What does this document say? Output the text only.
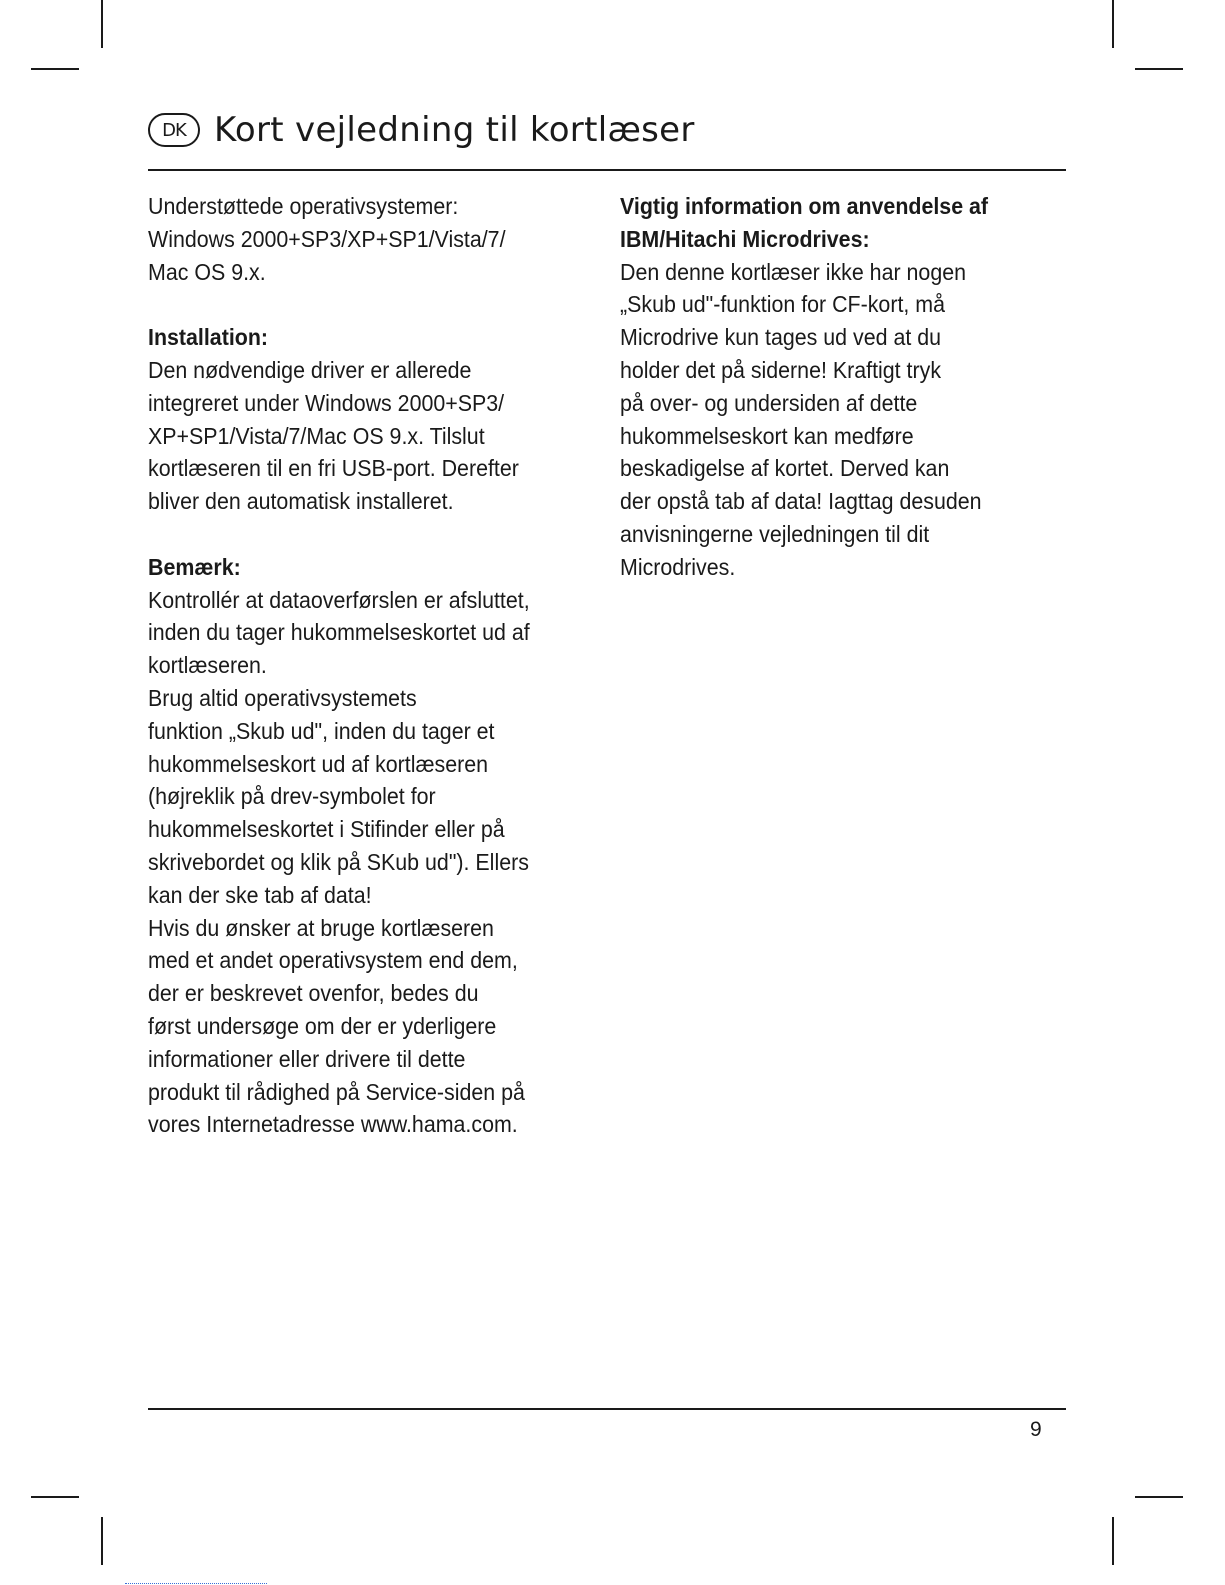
DK Kort vejledning til kortlæser

Understøttede operativsystemer:

Windows 2000+SP3/XP+SP1/Vista/7/
Mac OS 9.x.

Installation:

Den nødvendige driver er allerede
integreret under Windows 2000+SP3/
XP+SP1/Vista/7/Mac OS 9.x. Tilslut
kortlæseren til en fri USB-port. Derefter
bliver den automatisk installeret.

Bemærk:

Kontrollér at dataoverførslen er afsluttet,
inden du tager hukommelseskortet ud af
kortlæseren.

Brug altid operativsystemets
funktion „Skub ud", inden du tager et
hukommelseskort ud af kortlæseren
(højreklik på drev-symbolet for
hukommelseskortet i Stifinder eller på
skrivebordet og klik på SKub ud"). Ellers
kan der ske tab af data!

Hvis du ønsker at bruge kortlæseren
med et andet operativsystem end dem,
der er beskrevet ovenfor, bedes du
først undersøge om der er yderligere
informationer eller drivere til dette
produkt til rådighed på Service-siden på
vores Internetadresse www.hama.com.

Vigtig information om anvendelse af
IBM/Hitachi Microdrives:

Den denne kortlæser ikke har nogen
„Skub ud"-funktion for CF-kort, må
Microdrive kun tages ud ved at du
holder det på siderne! Kraftigt tryk
på over- og undersiden af dette
hukommelseskort kan medføre
beskadigelse af kortet. Derved kan
der opstå tab af data! Iagttag desuden
anvisningerne vejledningen til dit
Microdrives.

9
